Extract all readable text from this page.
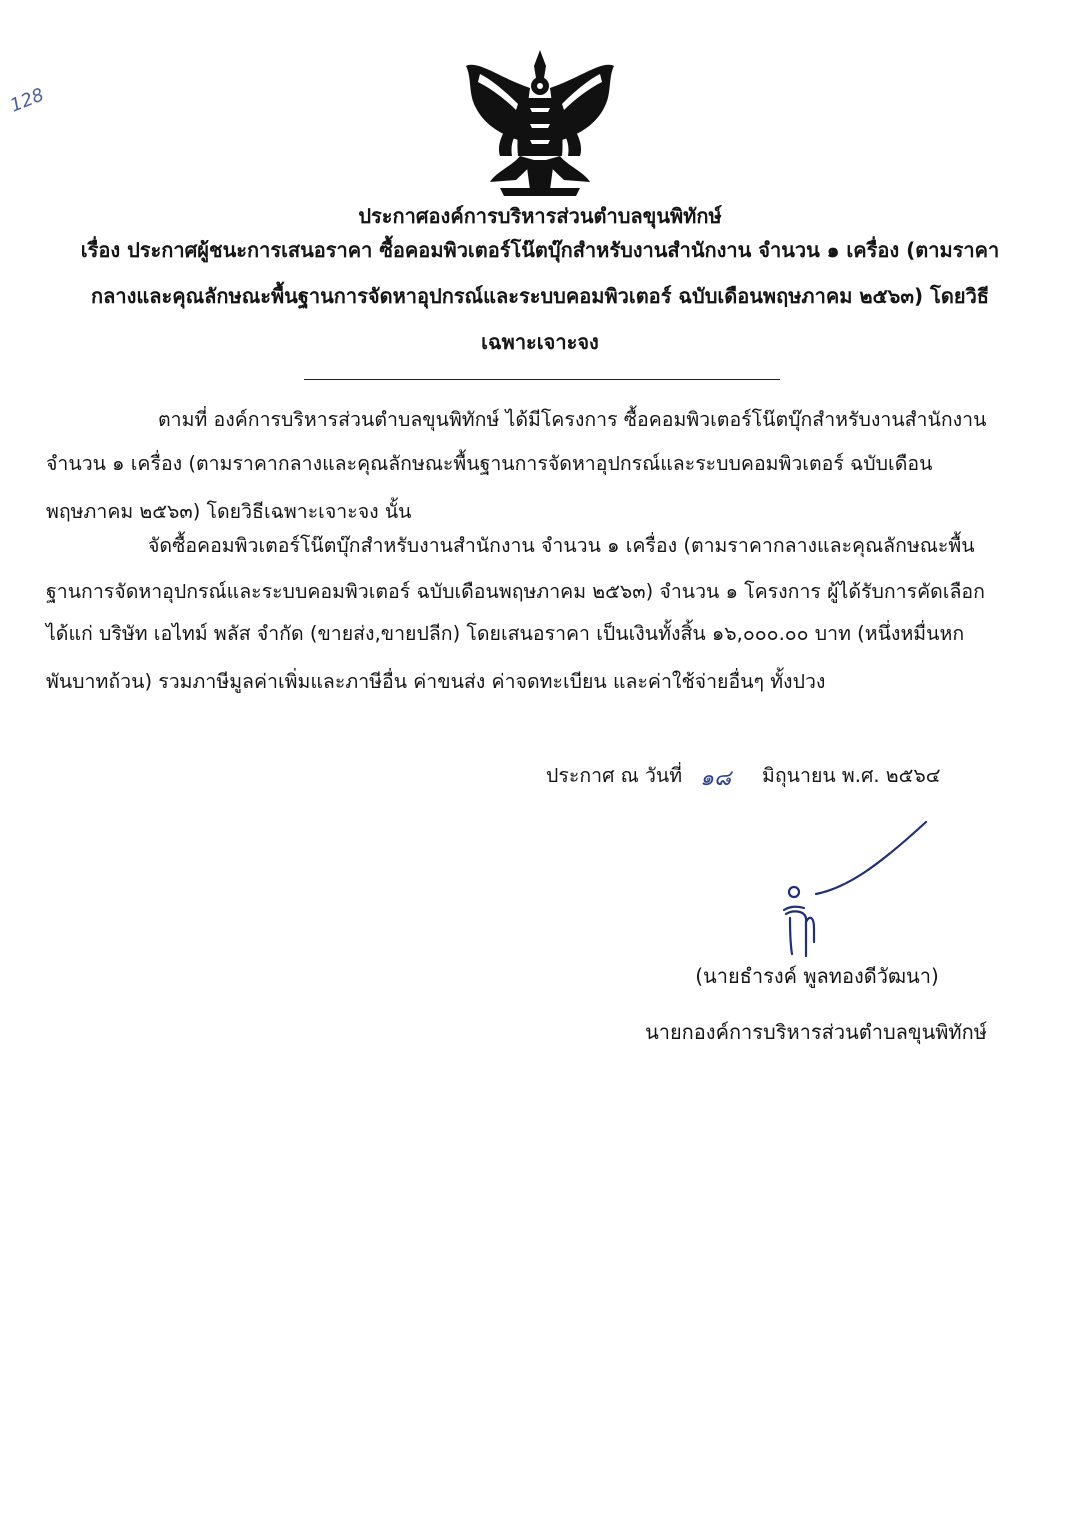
128
ประกาศองค์การบริหารส่วนตำบลขุนพิทักษ์
เรื่อง ประกาศผู้ชนะการเสนอราคา ซื้อคอมพิวเตอร์โน๊ตบุ๊กสำหรับงานสำนักงาน จำนวน ๑ เครื่อง (ตามราคา
กลางและคุณลักษณะพื้นฐานการจัดหาอุปกรณ์และระบบคอมพิวเตอร์ ฉบับเดือนพฤษภาคม ๒๕๖๓) โดยวิธี
เฉพาะเจาะจง
ตามที่ องค์การบริหารส่วนตำบลขุนพิทักษ์ ได้มีโครงการ ซื้อคอมพิวเตอร์โน๊ตบุ๊กสำหรับงานสำนักงาน
จำนวน ๑ เครื่อง (ตามราคากลางและคุณลักษณะพื้นฐานการจัดหาอุปกรณ์และระบบคอมพิวเตอร์ ฉบับเดือน
พฤษภาคม ๒๕๖๓) โดยวิธีเฉพาะเจาะจง นั้น
จัดซื้อคอมพิวเตอร์โน๊ตบุ๊กสำหรับงานสำนักงาน จำนวน ๑ เครื่อง (ตามราคากลางและคุณลักษณะพื้น
ฐานการจัดหาอุปกรณ์และระบบคอมพิวเตอร์ ฉบับเดือนพฤษภาคม ๒๕๖๓) จำนวน ๑ โครงการ ผู้ได้รับการคัดเลือก
ได้แก่ บริษัท เอไทม์ พลัส จำกัด (ขายส่ง,ขายปลีก) โดยเสนอราคา เป็นเงินทั้งสิ้น ๑๖,๐๐๐.๐๐ บาท (หนึ่งหมื่นหก
พันบาทถ้วน) รวมภาษีมูลค่าเพิ่มและภาษีอื่น ค่าขนส่ง ค่าจดทะเบียน และค่าใช้จ่ายอื่นๆ ทั้งปวง
ประกาศ ณ วันที่ ๑๘ มิถุนายน พ.ศ. ๒๕๖๔
(นายธำรงค์ พูลทองดีวัฒนา)
นายกองค์การบริหารส่วนตำบลขุนพิทักษ์
